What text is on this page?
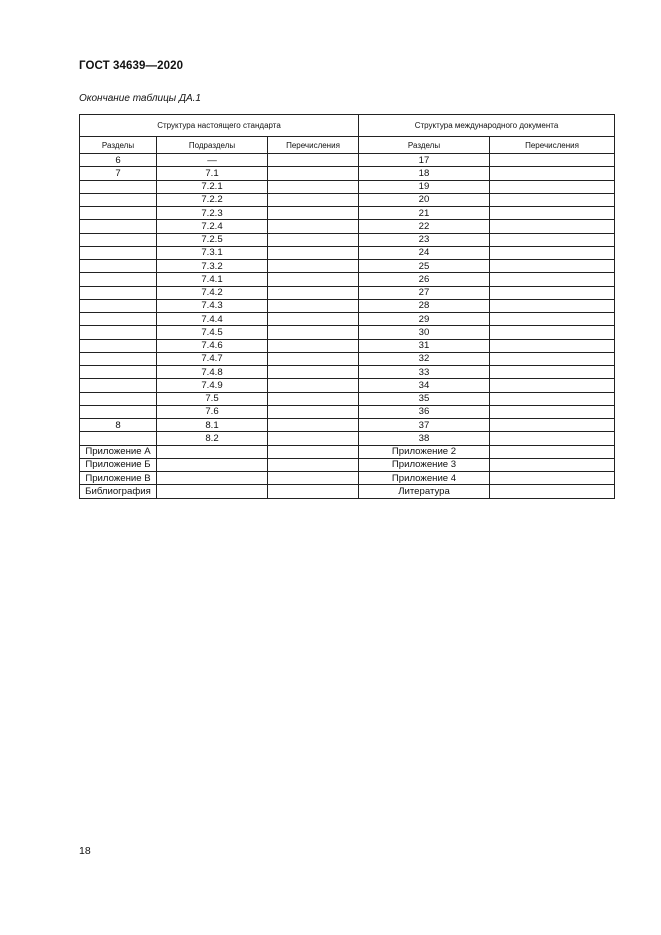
ГОСТ 34639—2020
Окончание таблицы ДА.1
Структура настоящего стандарта			Структура международного документа	
Разделы	Подразделы	Перечисления	Разделы	Перечисления
6	—		17	
7	7.1		18	
	7.2.1		19	
	7.2.2		20	
	7.2.3		21	
	7.2.4		22	
	7.2.5		23	
	7.3.1		24	
	7.3.2		25	
	7.4.1		26	
	7.4.2		27	
	7.4.3		28	
	7.4.4		29	
	7.4.5		30	
	7.4.6		31	
	7.4.7		32	
	7.4.8		33	
	7.4.9		34	
	7.5		35	
	7.6		36	
8	8.1		37	
	8.2		38	
Приложение А			Приложение 2	
Приложение Б			Приложение 3	
Приложение В			Приложение 4	
Библиография			Литература	
18
